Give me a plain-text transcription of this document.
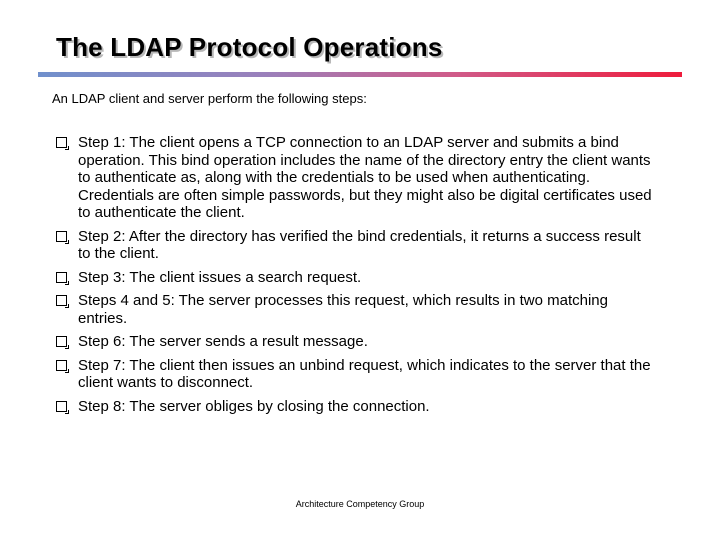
The LDAP Protocol Operations

An LDAP client and server perform the following steps:

Step 1: The client opens a TCP connection to an LDAP server and submits a bind operation. This bind operation includes the name of the directory entry the client wants to authenticate as, along with the credentials to be used when authenticating. Credentials are often simple passwords, but they might also be digital certificates used to authenticate the client.
Step 2: After the directory has verified the bind credentials, it returns a success result to the client.
Step 3: The client issues a search request.
Steps 4 and 5: The server processes this request, which results in two matching entries.
Step 6: The server sends a result message.
Step 7: The client then issues an unbind request, which indicates to the server that the client wants to disconnect.
Step 8: The server obliges by closing the connection.
Architecture Competency Group
